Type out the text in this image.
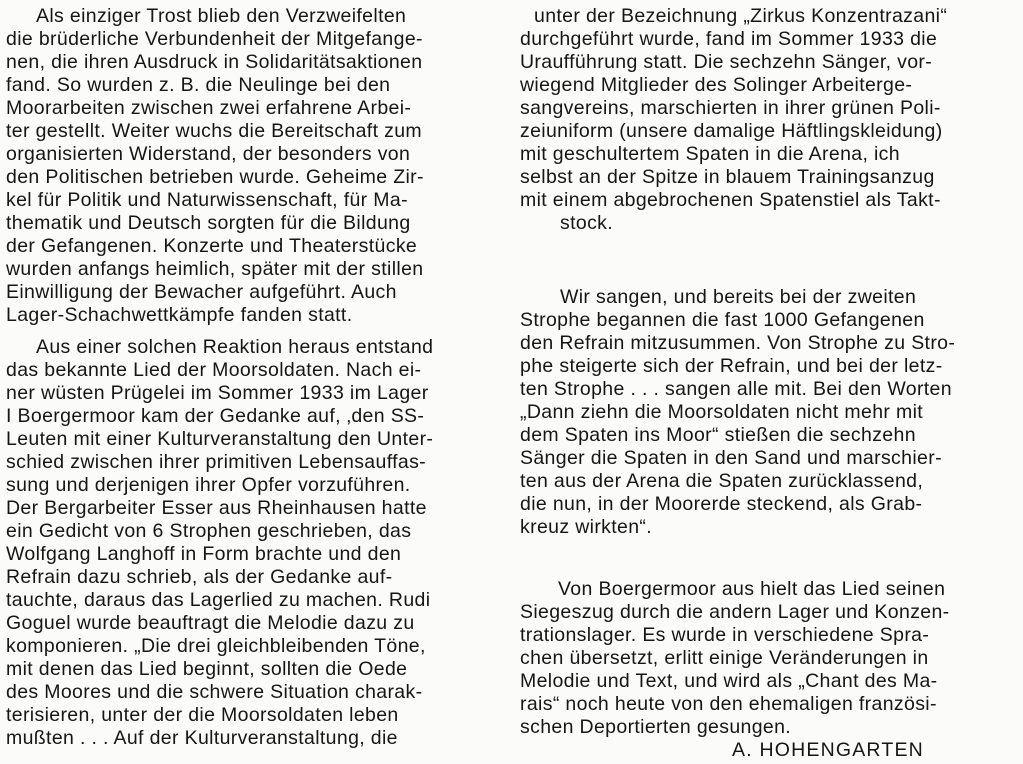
Als einziger Trost blieb den Verzweifelten
die brüderliche Verbundenheit der Mitgefange-
nen, die ihren Ausdruck in Solidaritätsaktionen
fand. So wurden z. B. die Neulinge bei den
Moorarbeiten zwischen zwei erfahrene Arbei-
ter gestellt. Weiter wuchs die Bereitschaft zum
organisierten Widerstand, der besonders von
den Politischen betrieben wurde. Geheime Zir-
kel für Politik und Naturwissenschaft, für Ma-
thematik und Deutsch sorgten für die Bildung
der Gefangenen. Konzerte und Theaterstücke
wurden anfangs heimlich, später mit der stillen
Einwilligung der Bewacher aufgeführt. Auch
Lager-Schachwettkämpfe fanden statt.
Aus einer solchen Reaktion heraus entstand
das bekannte Lied der Moorsoldaten. Nach ei-
ner wüsten Prügelei im Sommer 1933 im Lager
I Boergermoor kam der Gedanke auf, ‚den SS-
Leuten mit einer Kulturveranstaltung den Unter-
schied zwischen ihrer primitiven Lebensauffas-
sung und derjenigen ihrer Opfer vorzuführen.
Der Bergarbeiter Esser aus Rheinhausen hatte
ein Gedicht von 6 Strophen geschrieben, das
Wolfgang Langhoff in Form brachte und den
Refrain dazu schrieb, als der Gedanke auf-
tauchte, daraus das Lagerlied zu machen. Rudi
Goguel wurde beauftragt die Melodie dazu zu
komponieren. „Die drei gleichbleibenden Töne,
mit denen das Lied beginnt, sollten die Oede
des Moores und die schwere Situation charak-
terisieren, unter der die Moorsoldaten leben
mußten . . . Auf der Kulturveranstaltung, die
unter der Bezeichnung „Zirkus Konzentrazani“
durchgeführt wurde, fand im Sommer 1933 die
Uraufführung statt. Die sechzehn Sänger, vor-
wiegend Mitglieder des Solinger Arbeiterge-
sangvereins, marschierten in ihrer grünen Poli-
zeiuniform (unsere damalige Häftlingskleidung)
mit geschultertem Spaten in die Arena, ich
selbst an der Spitze in blauem Trainingsanzug
mit einem abgebrochenen Spatenstiel als Takt-
stock.
Wir sangen, und bereits bei der zweiten
Strophe begannen die fast 1000 Gefangenen
den Refrain mitzusummen. Von Strophe zu Stro-
phe steigerte sich der Refrain, und bei der letz-
ten Strophe . . . sangen alle mit. Bei den Worten
„Dann ziehn die Moorsoldaten nicht mehr mit
dem Spaten ins Moor“ stießen die sechzehn
Sänger die Spaten in den Sand und marschier-
ten aus der Arena die Spaten zurücklassend,
die nun, in der Moorerde steckend, als Grab-
kreuz wirkten“.
Von Boergermoor aus hielt das Lied seinen
Siegeszug durch die andern Lager und Konzen-
trationslager. Es wurde in verschiedene Spra-
chen übersetzt, erlitt einige Veränderungen in
Melodie und Text, und wird als „Chant des Ma-
rais“ noch heute von den ehemaligen französi-
schen Deportierten gesungen.
A. HOHENGARTEN
